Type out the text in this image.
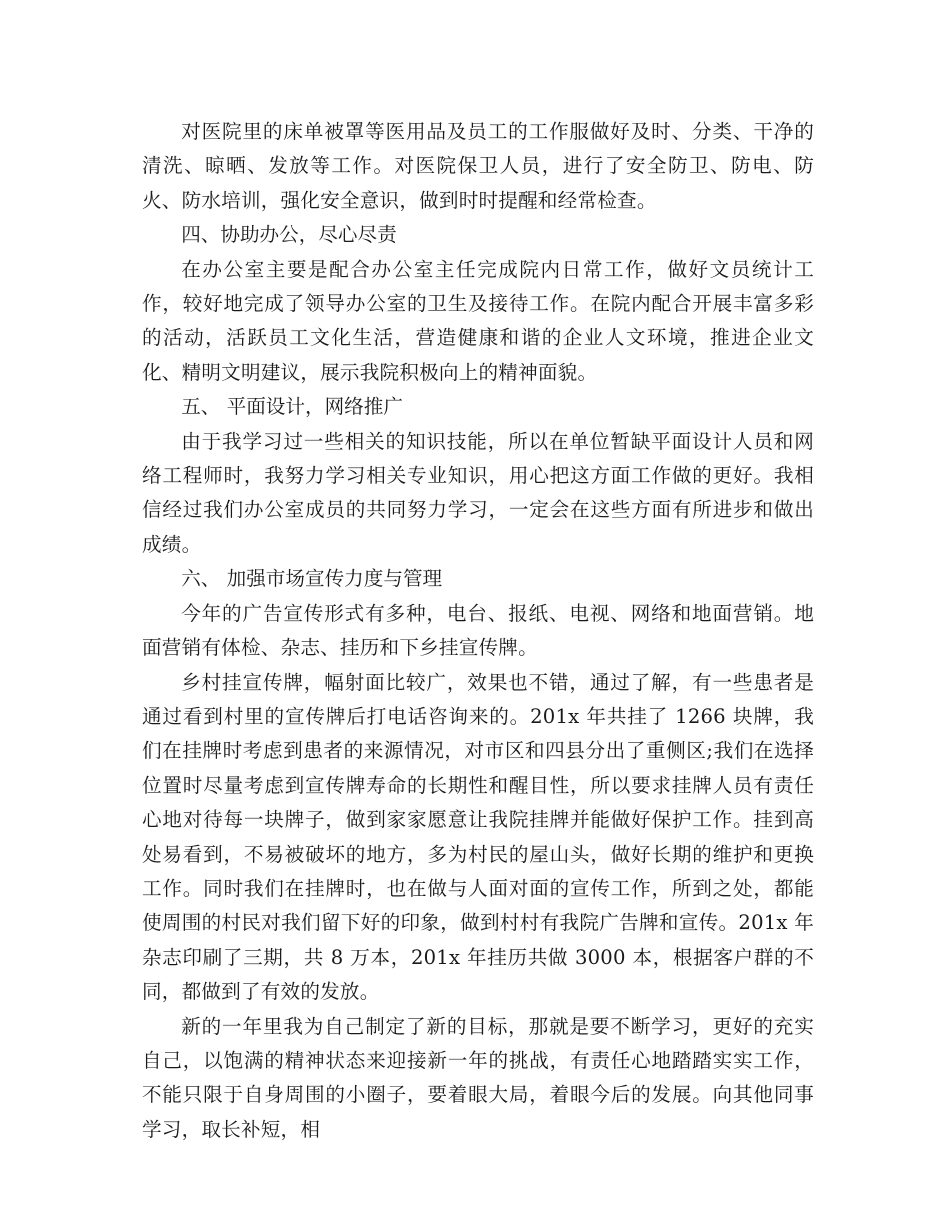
对医院里的床单被罩等医用品及员工的工作服做好及时、分类、干净的清洗、晾晒、发放等工作。对医院保卫人员，进行了安全防卫、防电、防火、防水培训，强化安全意识，做到时时提醒和经常检查。

四、协助办公，尽心尽责

在办公室主要是配合办公室主任完成院内日常工作，做好文员统计工作，较好地完成了领导办公室的卫生及接待工作。在院内配合开展丰富多彩的活动，活跃员工文化生活，营造健康和谐的企业人文环境，推进企业文化、精明文明建议，展示我院积极向上的精神面貌。

五、 平面设计，网络推广

由于我学习过一些相关的知识技能，所以在单位暂缺平面设计人员和网络工程师时，我努力学习相关专业知识，用心把这方面工作做的更好。我相信经过我们办公室成员的共同努力学习，一定会在这些方面有所进步和做出成绩。

六、 加强市场宣传力度与管理

今年的广告宣传形式有多种，电台、报纸、电视、网络和地面营销。地面营销有体检、杂志、挂历和下乡挂宣传牌。

乡村挂宣传牌，幅射面比较广，效果也不错，通过了解，有一些患者是通过看到村里的宣传牌后打电话咨询来的。201x 年共挂了 1266 块牌，我们在挂牌时考虑到患者的来源情况，对市区和四县分出了重侧区;我们在选择位置时尽量考虑到宣传牌寿命的长期性和醒目性，所以要求挂牌人员有责任心地对待每一块牌子，做到家家愿意让我院挂牌并能做好保护工作。挂到高处易看到，不易被破坏的地方，多为村民的屋山头，做好长期的维护和更换工作。同时我们在挂牌时，也在做与人面对面的宣传工作，所到之处，都能使周围的村民对我们留下好的印象，做到村村有我院广告牌和宣传。201x 年杂志印刷了三期，共 8 万本，201x 年挂历共做 3000 本，根据客户群的不同，都做到了有效的发放。

新的一年里我为自己制定了新的目标，那就是要不断学习，更好的充实自己，以饱满的精神状态来迎接新一年的挑战，有责任心地踏踏实实工作，不能只限于自身周围的小圈子，要着眼大局，着眼今后的发展。向其他同事学习，取长补短，相
